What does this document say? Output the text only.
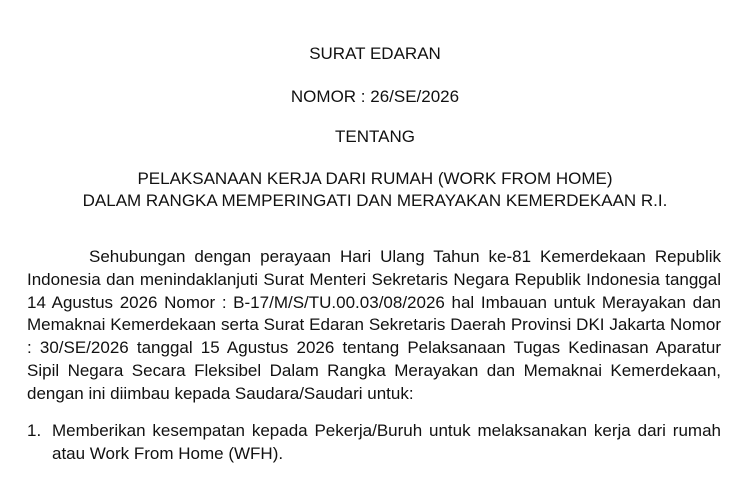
SURAT EDARAN
NOMOR : 26/SE/2026
TENTANG
PELAKSANAAN KERJA DARI RUMAH (WORK FROM HOME)
DALAM RANGKA MEMPERINGATI DAN MERAYAKAN KEMERDEKAAN R.I.

Sehubungan dengan perayaan Hari Ulang Tahun ke-81 Kemerdekaan Republik Indonesia dan menindaklanjuti Surat Menteri Sekretaris Negara Republik Indonesia tanggal 14 Agustus 2026 Nomor : B-17/M/S/TU.00.03/08/2026 hal Imbauan untuk Merayakan dan Memaknai Kemerdekaan serta Surat Edaran Sekretaris Daerah Provinsi DKI Jakarta Nomor : 30/SE/2026 tanggal 15 Agustus 2026 tentang Pelaksanaan Tugas Kedinasan Aparatur Sipil Negara Secara Fleksibel Dalam Rangka Merayakan dan Memaknai Kemerdekaan, dengan ini diimbau kepada Saudara/Saudari untuk:

1. Memberikan kesempatan kepada Pekerja/Buruh untuk melaksanakan kerja dari rumah atau Work From Home (WFH).
